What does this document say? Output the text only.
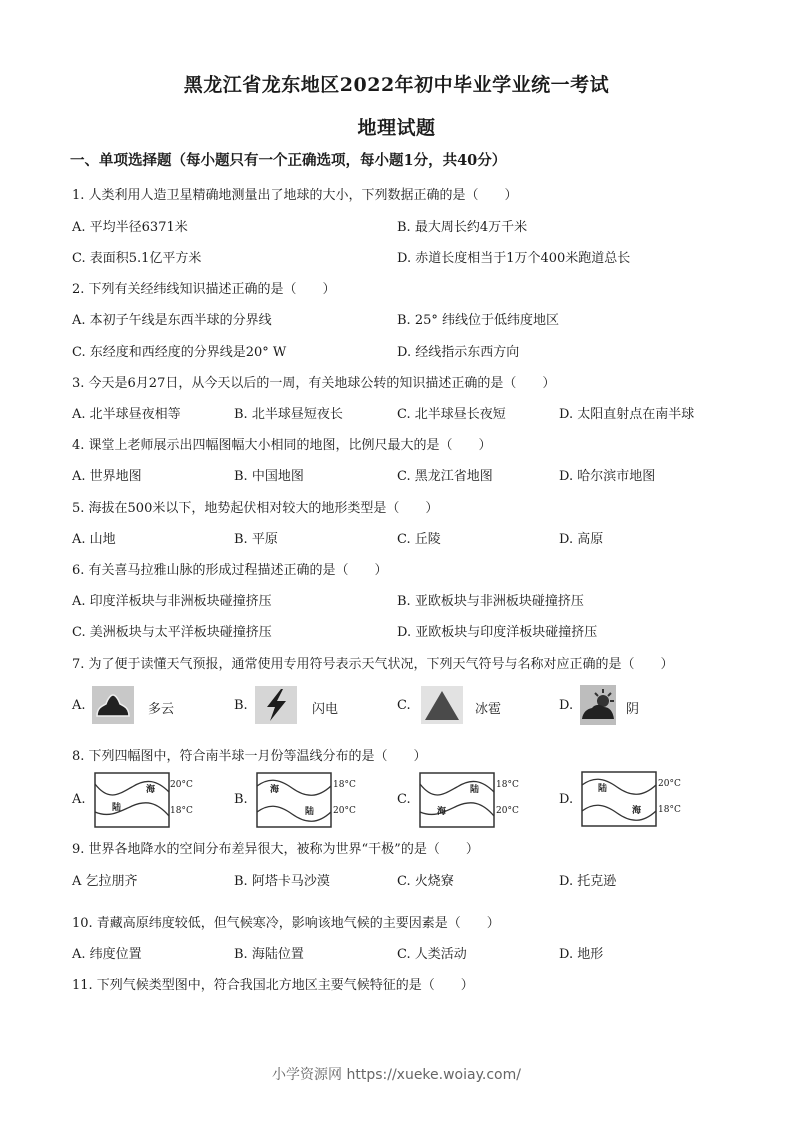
黑龙江省龙东地区2022年初中毕业学业统一考试
地理试题
一、单项选择题（每小题只有一个正确选项，每小题1分，共40分）
1. 人类利用人造卫星精确地测量出了地球的大小，下列数据正确的是（　　）
A. 平均半径6371米	B. 最大周长约4万千米
C. 表面积5.1亿平方米	D. 赤道长度相当于1万个400米跑道总长
2. 下列有关经纬线知识描述正确的是（　　）
A. 本初子午线是东西半球的分界线	B. 25° 纬线位于低纬度地区
C. 东经度和西经度的分界线是20° W	D. 经线指示东西方向
3. 今天是6月27日，从今天以后的一周，有关地球公转的知识描述正确的是（　　）
A. 北半球昼夜相等	B. 北半球昼短夜长	C. 北半球昼长夜短	D. 太阳直射点在南半球
4. 课堂上老师展示出四幅图幅大小相同的地图，比例尺最大的是（　　）
A. 世界地图	B. 中国地图	C. 黑龙江省地图	D. 哈尔滨市地图
5. 海拔在500米以下，地势起伏相对较大的地形类型是（　　）
A. 山地	B. 平原	C. 丘陵	D. 高原
6. 有关喜马拉雅山脉的形成过程描述正确的是（　　）
A. 印度洋板块与非洲板块碰撞挤压	B. 亚欧板块与非洲板块碰撞挤压
C. 美洲板块与太平洋板块碰撞挤压	D. 亚欧板块与印度洋板块碰撞挤压
7. 为了便于读懂天气预报，通常使用专用符号表示天气状况，下列天气符号与名称对应正确的是（　　）
A.	多云	B.	闪电	C.	冰雹	D.	阴
8. 下列四幅图中，符合南半球一月份等温线分布的是（　　）
A.
海
陆
20°C
18°C
B.
海
陆
18°C
20°C
C.
陆
海
18°C
20°C
D.
陆
海
20°C
18°C
9. 世界各地降水的空间分布差异很大，被称为世界“干极”的是（　　）
A 乞拉朋齐	B. 阿塔卡马沙漠	C. 火烧寮	D. 托克逊
10. 青藏高原纬度较低，但气候寒冷，影响该地气候的主要因素是（　　）
A. 纬度位置	B. 海陆位置	C. 人类活动	D. 地形
11. 下列气候类型图中，符合我国北方地区主要气候特征的是（　　）
小学资源网 https://xueke.woiay.com/
